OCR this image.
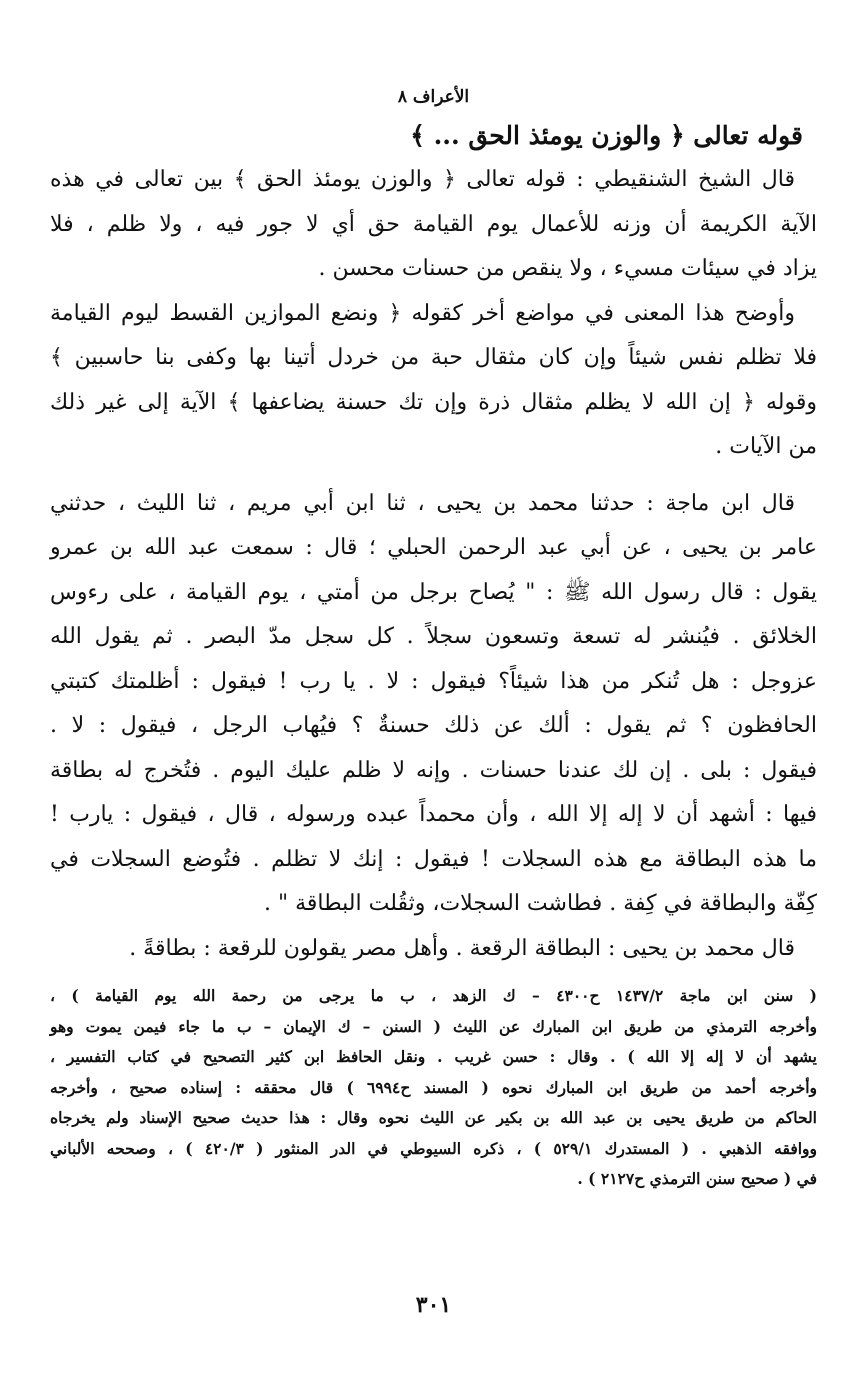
الأعراف ٨
قوله تعالى ﴿ والوزن يومئذ الحق ... ﴾

قال الشيخ الشنقيطي : قوله تعالى ﴿ والوزن يومئذ الحق ﴾ بين تعالى في هذه
الآية الكريمة أن وزنه للأعمال يوم القيامة حق أي لا جور فيه ، ولا ظلم ، فلا
يزاد في سيئات مسيء ، ولا ينقص من حسنات محسن .

وأوضح هذا المعنى في مواضع أخر كقوله ﴿ ونضع الموازين القسط ليوم القيامة
فلا تظلم نفس شيئاً وإن كان مثقال حبة من خردل أتينا بها وكفى بنا حاسبين ﴾
وقوله ﴿ إن الله لا يظلم مثقال ذرة وإن تك حسنة يضاعفها ﴾ الآية إلى غير ذلك
من الآيات .

قال ابن ماجة : حدثنا محمد بن يحيى ، ثنا ابن أبي مريم ، ثنا الليث ، حدثني
عامر بن يحيى ، عن أبي عبد الرحمن الحبلي ؛ قال : سمعت عبد الله بن عمرو
يقول : قال رسول الله ﷺ : " يُصاح برجل من أمتي ، يوم القيامة ، على رءوس
الخلائق . فيُنشر له تسعة وتسعون سجلاً . كل سجل مدّ البصر . ثم يقول الله
عزوجل : هل تُنكر من هذا شيئاً؟ فيقول : لا . يا رب ! فيقول : أظلمتك كتبتي
الحافظون ؟ ثم يقول : ألك عن ذلك حسنةٌ ؟ فيُهاب الرجل ، فيقول : لا .
فيقول : بلى . إن لك عندنا حسنات . وإنه لا ظلم عليك اليوم . فتُخرج له بطاقة
فيها : أشهد أن لا إله إلا الله ، وأن محمداً عبده ورسوله ، قال ، فيقول : يارب !
ما هذه البطاقة مع هذه السجلات ! فيقول : إنك لا تظلم . فتُوضع السجلات في
كِفّة والبطاقة في كِفة . فطاشت السجلات، وثقُلت البطاقة " .

قال محمد بن يحيى : البطاقة الرقعة . وأهل مصر يقولون للرقعة : بطاقةً .

( سنن ابن ماجة ١٤٣٧/٢ ح٤٣٠٠ – ك الزهد ، ب ما يرجى من رحمة الله يوم القيامة ) ،
وأخرجه الترمذي من طريق ابن المبارك عن الليث ( السنن – ك الإيمان – ب ما جاء فيمن يموت وهو
يشهد أن لا إله إلا الله ) . وقال : حسن غريب . ونقل الحافظ ابن كثير التصحيح في كتاب التفسير ،
وأخرجه أحمد من طريق ابن المبارك نحوه ( المسند ح٦٩٩٤ ) قال محققه : إسناده صحيح ، وأخرجه
الحاكم من طريق يحيى بن عبد الله بن بكير عن الليث نحوه وقال : هذا حديث صحيح الإسناد ولم يخرجاه
ووافقه الذهبي . ( المستدرك ٥٢٩/١ ) ، ذكره السيوطي في الدر المنثور ( ٤٢٠/٣ ) ، وصححه الألباني
في ( صحيح سنن الترمذي ح٢١٢٧ ) .
٣٠١
